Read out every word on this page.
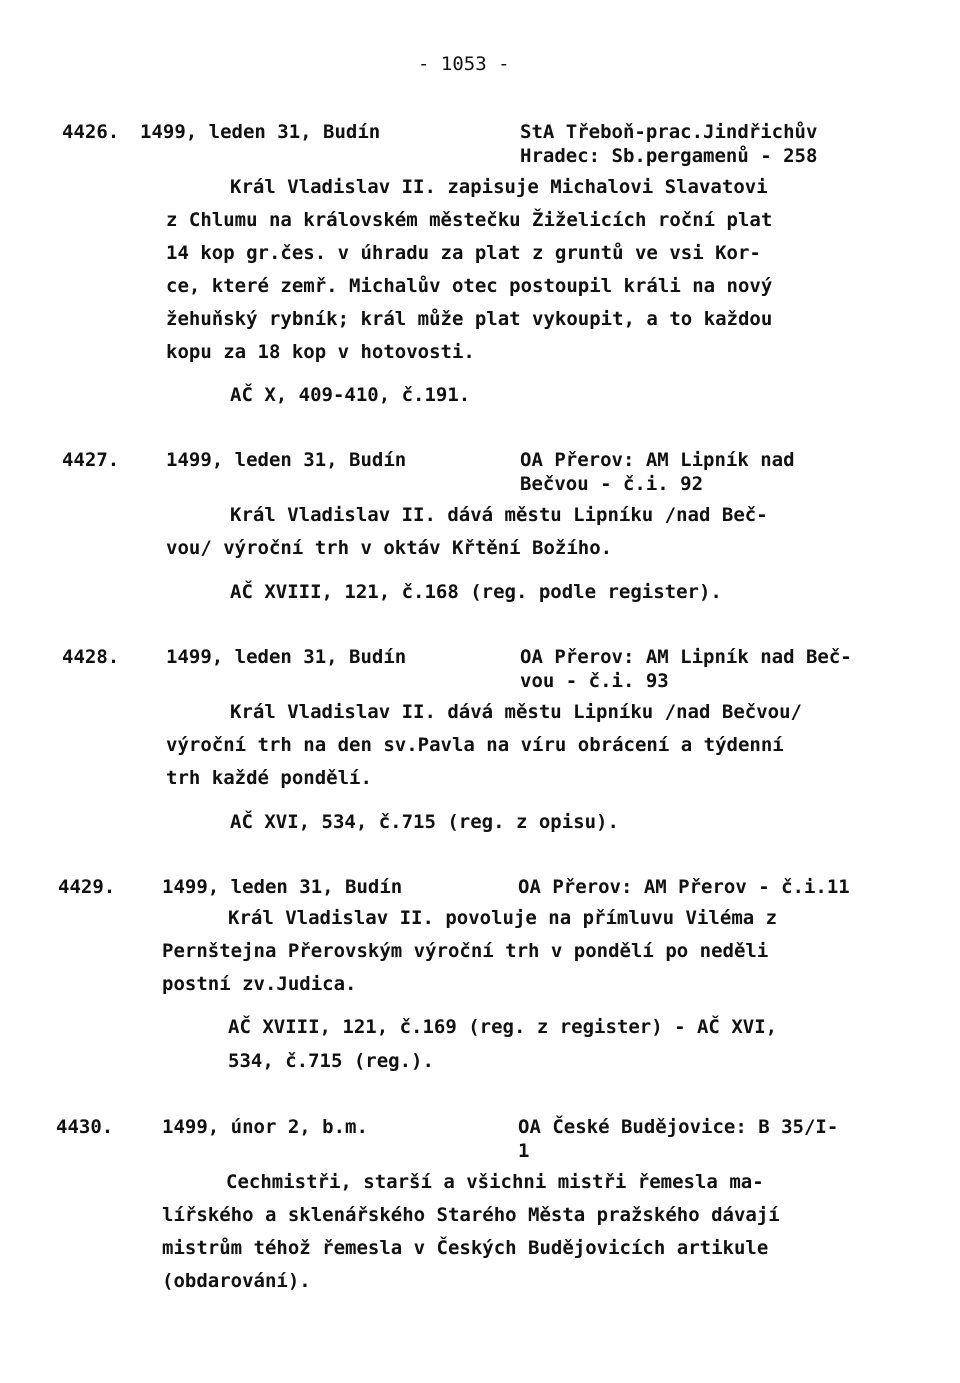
- 1053 -
4426. 1499, leden 31, Budín	StA Třeboň-prac.Jindřichův
Hradec: Sb.pergamenů - 258
Král Vladislav II. zapisuje Michalovi Slavatovi
z Chlumu na královském městečku Žiželicích roční plat
14 kop gr.čes. v úhradu za plat z gruntů ve vsi Kor-
ce, které zemř. Michalův otec postoupil králi na nový
žehuňský rybník; král může plat vykoupit, a to každou
kopu za 18 kop v hotovosti.
AČ X, 409-410, č.191.
4427. 1499, leden 31, Budín	OA Přerov: AM Lipník nad
Bečvou - č.i. 92
Král Vladislav II. dává městu Lipníku /nad Beč-
vou/ výroční trh v oktáv Křtění Božího.
AČ XVIII, 121, č.168 (reg. podle register).
4428. 1499, leden 31, Budín	OA Přerov: AM Lipník nad Beč-
vou - č.i. 93
Král Vladislav II. dává městu Lipníku /nad Bečvou/
výroční trh na den sv.Pavla na víru obrácení a týdenní
trh každé pondělí.
AČ XVI, 534, č.715 (reg. z opisu).
4429. 1499, leden 31, Budín	OA Přerov: AM Přerov - č.i.11
Král Vladislav II. povoluje na přímluvu Viléma z
Pernštejna Přerovským výroční trh v pondělí po neděli
postní zv.Judica.
AČ XVIII, 121, č.169 (reg. z register) - AČ XVI,
534, č.715 (reg.).
4430.	1499, únor 2, b.m.	OA České Budějovice: B 35/I-
1
Cechmistři, starší a všichni mistři řemesla ma-
lířského a sklenářského Starého Města pražského dávají
mistrům téhož řemesla v Českých Budějovicích artikule
(obdarování).
